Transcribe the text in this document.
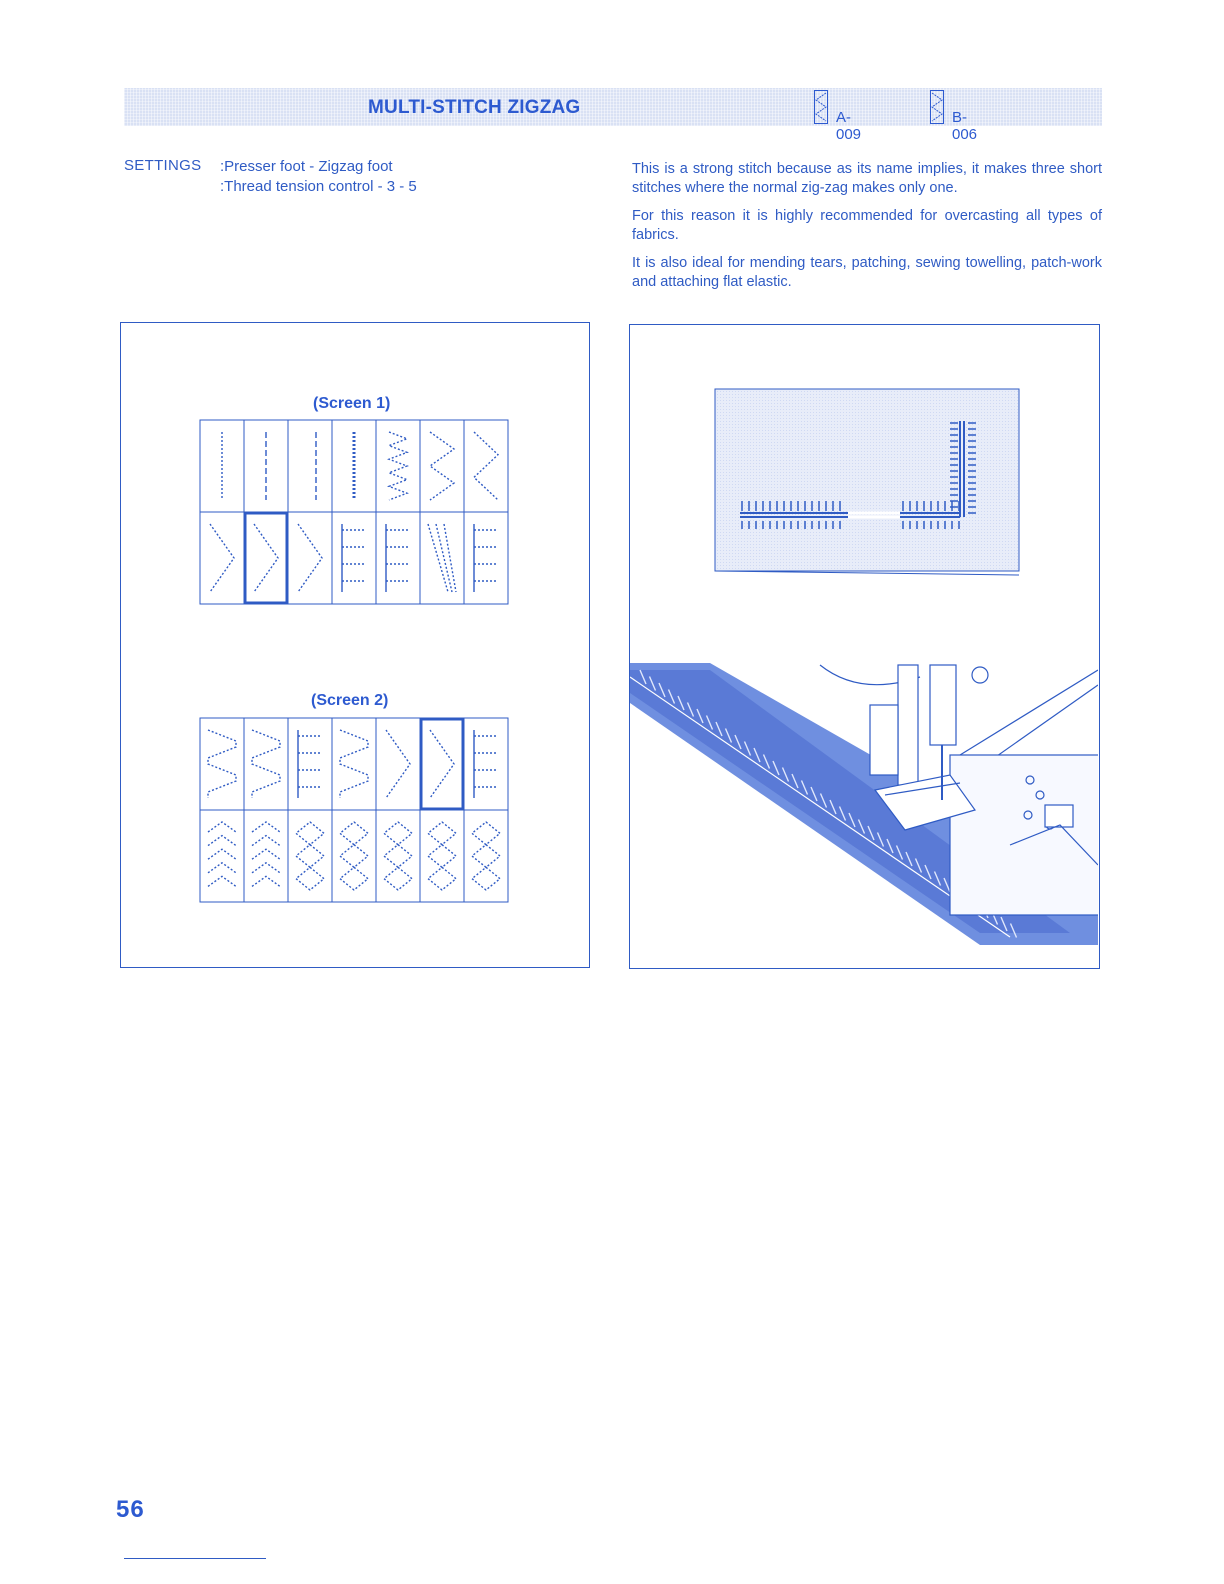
MULTI-STITCH ZIGZAG	A-009
B-006
SETTINGS :Presser foot - Zigzag foot
:Thread tension control - 3 - 5
This is a strong stitch because as its name implies, it makes three short stitches where the normal zig-zag makes only one.
For this reason it is highly recommended for overcasting all types of fabrics.
It is also ideal for mending tears, patching, sewing towelling, patch-work and attaching flat elastic.
(Screen 1)
(Screen 2)
56
